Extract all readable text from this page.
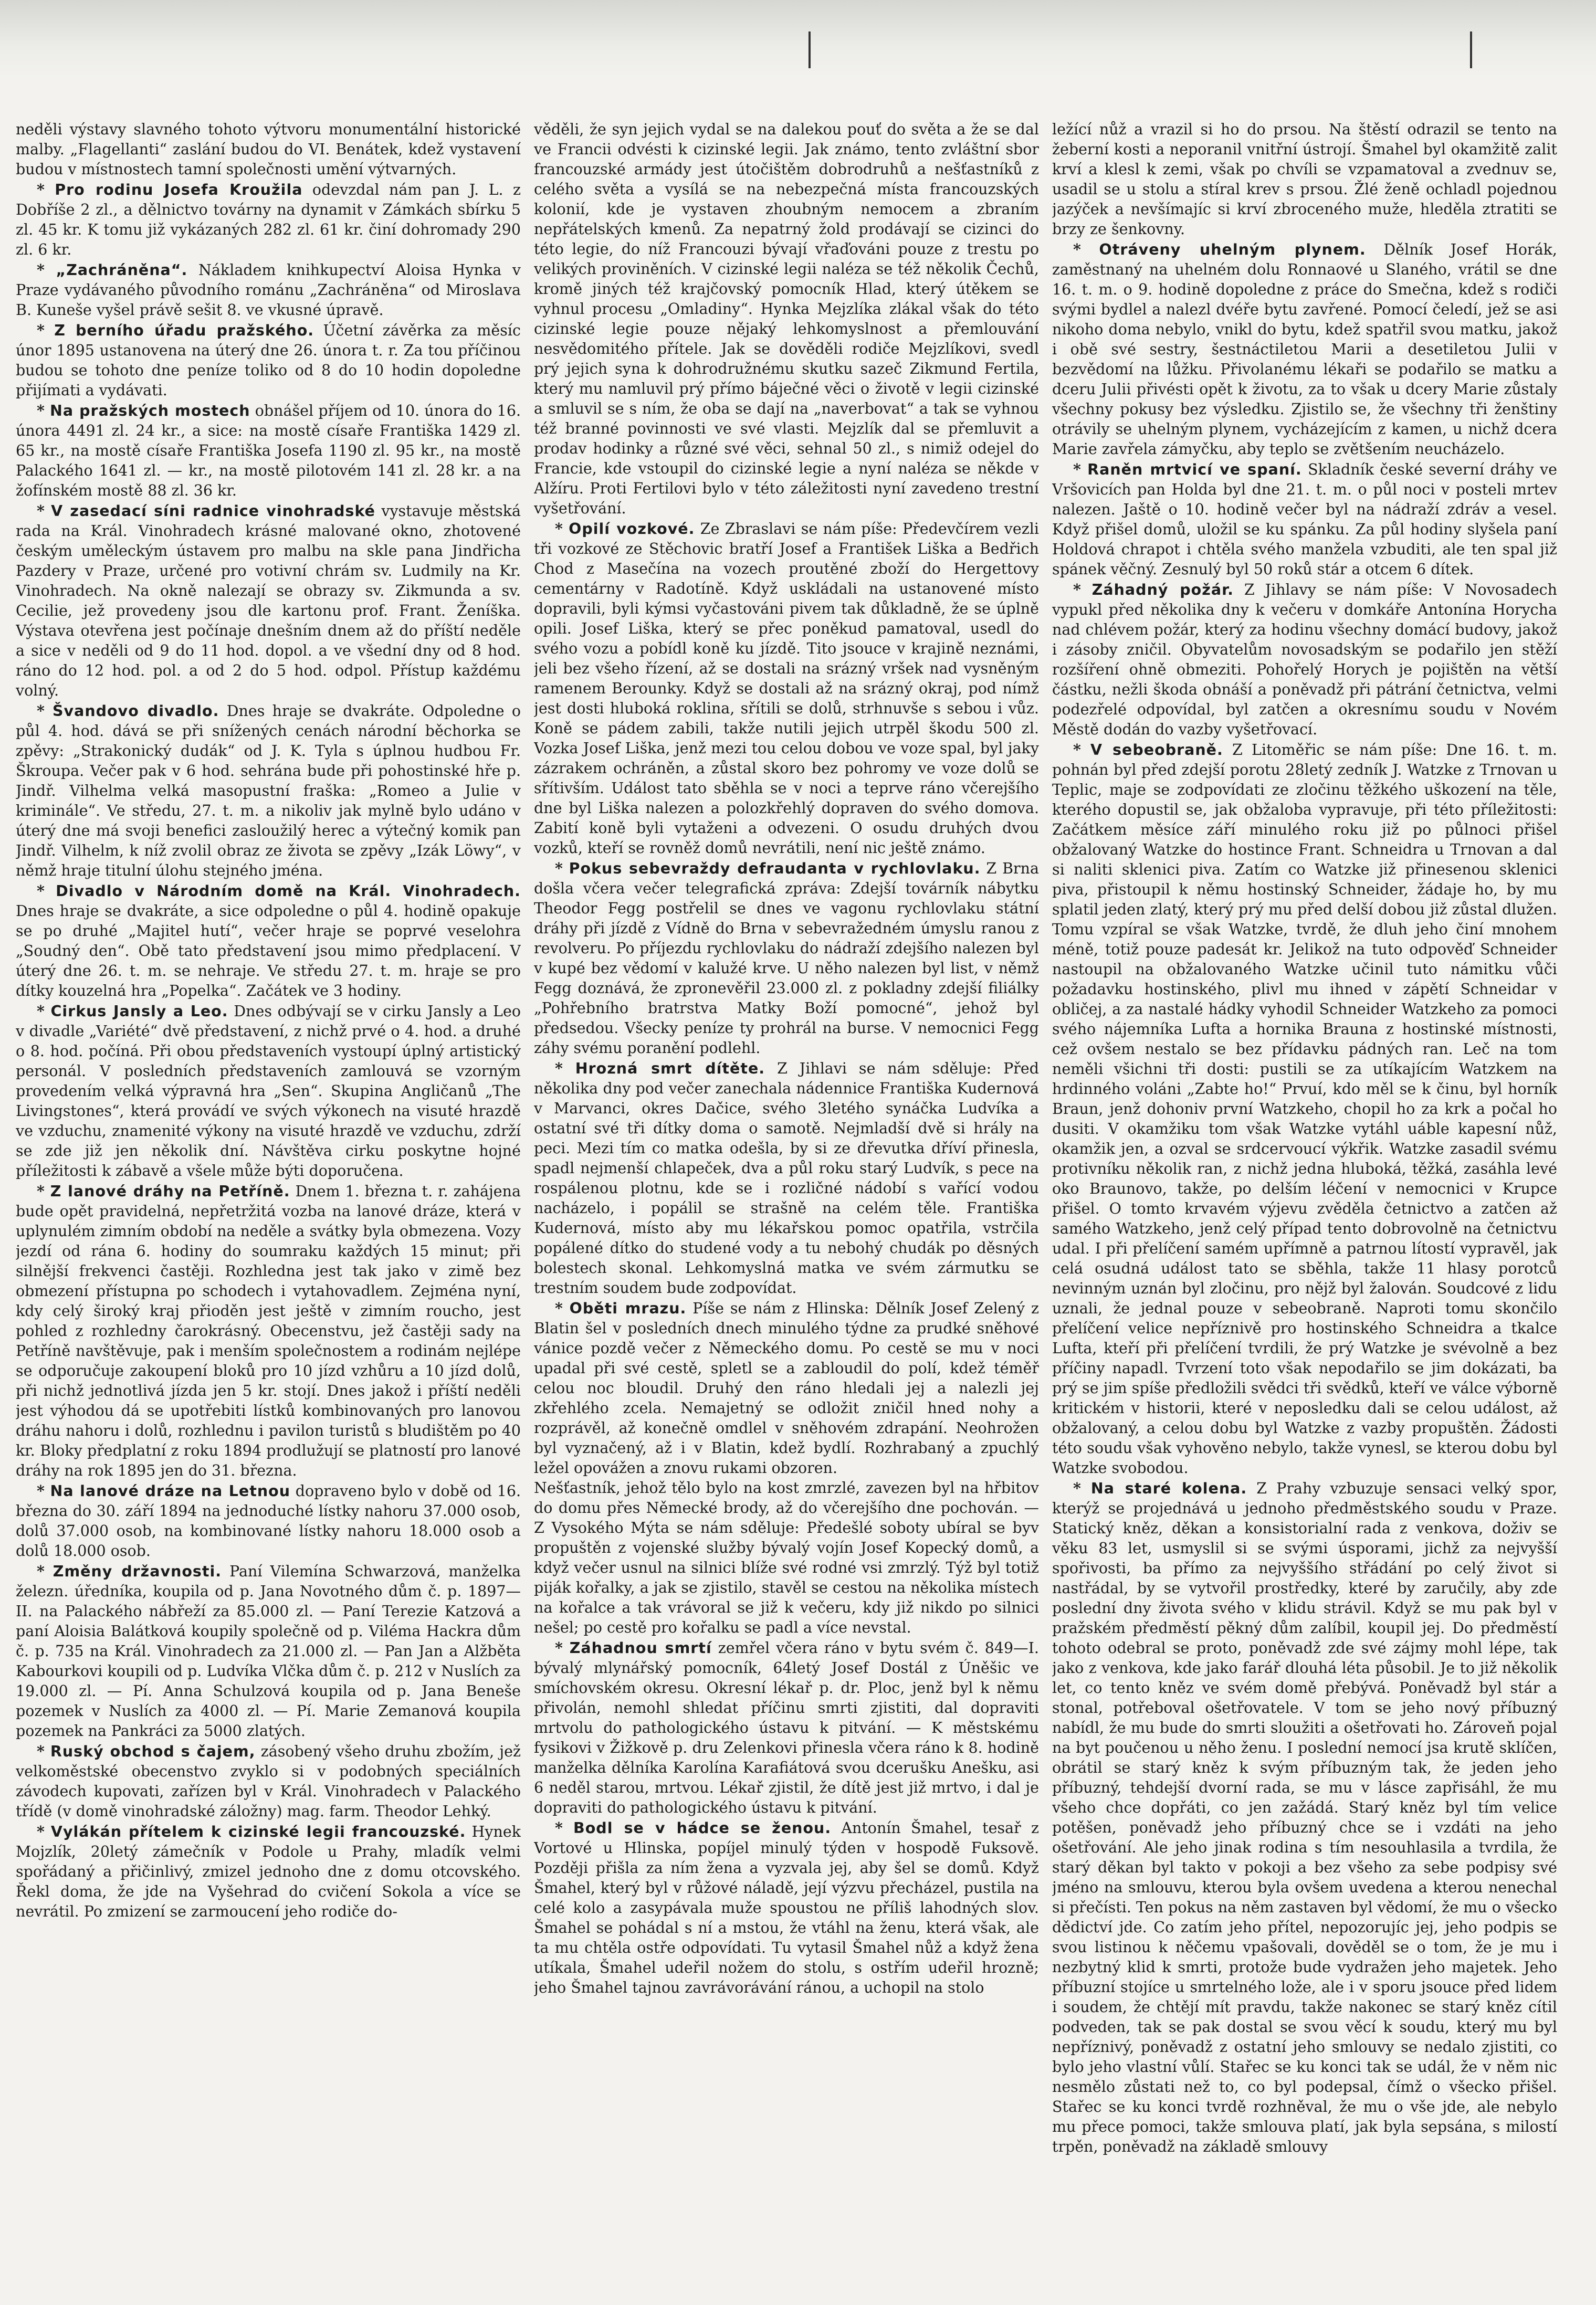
neděli výstavy slavného tohoto výtvoru monumentální historické malby. „Flagellanti“ zaslání budou do VI. Benátek, kdež vystavení budou v místnostech tamní společnosti umění výtvarných.

* Pro rodinu Josefa Kroužila odevzdal nám pan J. L. z Dobříše 2 zl., a dělnictvo továrny na dynamit v Zámkách sbírku 5 zl. 45 kr. K tomu již vykázaných 282 zl. 61 kr. činí dohromady 290 zl. 6 kr.

* „Zachráněna“. Nákladem knihkupectví Aloisa Hynka v Praze vydávaného původního románu „Zachráněna“ od Miroslava B. Kuneše vyšel právě sešit 8. ve vkusné úpravě.

* Z berního úřadu pražského. Účetní závěrka za měsíc únor 1895 ustanovena na úterý dne 26. února t. r. Za tou příčinou budou se tohoto dne peníze toliko od 8 do 10 hodin dopoledne přijímati a vydávati.

* Na pražských mostech obnášel příjem od 10. února do 16. února 4491 zl. 24 kr., a sice: na mostě císaře Františka 1429 zl. 65 kr., na mostě císaře Františka Josefa 1190 zl. 95 kr., na mostě Palackého 1641 zl. — kr., na mostě pilotovém 141 zl. 28 kr. a na žofínském mostě 88 zl. 36 kr.

* V zasedací síni radnice vinohradské vystavuje městská rada na Král. Vinohradech krásné malované okno, zhotovené českým uměleckým ústavem pro malbu na skle pana Jindřicha Pazdery v Praze, určené pro votivní chrám sv. Ludmily na Kr. Vinohradech. Na okně nalezají se obrazy sv. Zikmunda a sv. Cecilie, jež provedeny jsou dle kartonu prof. Frant. Ženíška. Výstava otevřena jest počínaje dnešním dnem až do příští neděle a sice v neděli od 9 do 11 hod. dopol. a ve všední dny od 8 hod. ráno do 12 hod. pol. a od 2 do 5 hod. odpol. Přístup každému volný.

* Švandovo divadlo. Dnes hraje se dvakráte. Odpoledne o půl 4. hod. dává se při snížených cenách národní běchorka se zpěvy: „Strakonický dudák“ od J. K. Tyla s úplnou hudbou Fr. Škroupa. Večer pak v 6 hod. sehrána bude při pohostinské hře p. Jindř. Vilhelma velká masopustní fraška: „Romeo a Julie v kriminále“. Ve středu, 27. t. m. a nikoliv jak mylně bylo udáno v úterý dne má svoji benefici zasloužilý herec a výtečný komik pan Jindř. Vilhelm, k níž zvolil obraz ze života se zpěvy „Izák Löwy“, v němž hraje titulní úlohu stejného jména.

* Divadlo v Národním domě na Král. Vinohradech. Dnes hraje se dvakráte, a sice odpoledne o půl 4. hodině opakuje se po druhé „Majitel hutí“, večer hraje se poprvé veselohra „Soudný den“. Obě tato představení jsou mimo předplacení. V úterý dne 26. t. m. se nehraje. Ve středu 27. t. m. hraje se pro dítky kouzelná hra „Popelka“. Začátek ve 3 hodiny.

* Cirkus Jansly a Leo. Dnes odbývají se v cirku Jansly a Leo v divadle „Variété“ dvě představení, z nichž prvé o 4. hod. a druhé o 8. hod. počíná. Při obou představeních vystoupí úplný artistický personál. V posledních představeních zamlouvá se vzorným provedením velká výpravná hra „Sen“. Skupina Angličanů „The Livingstones“, která provádí ve svých výkonech na visuté hrazdě ve vzduchu, znamenité výkony na visuté hrazdě ve vzduchu, zdrží se zde již jen několik dní. Návštěva cirku poskytne hojné příležitosti k zábavě a všele může býti doporučena.

* Z lanové dráhy na Petříně. Dnem 1. března t. r. zahájena bude opět pravidelná, nepřetržitá vozba na lanové dráze, která v uplynulém zimním období na neděle a svátky byla obmezena. Vozy jezdí od rána 6. hodiny do soumraku každých 15 minut; při silnější frekvenci častěji. Rozhledna jest tak jako v zimě bez obmezení přístupna po schodech i vytahovadlem. Zejména nyní, kdy celý široký kraj přioděn jest ještě v zimním roucho, jest pohled z rozhledny čarokrásný. Obecenstvu, jež častěji sady na Petříně navštěvuje, pak i menším společnostem a rodinám nejlépe se odporučuje zakoupení bloků pro 10 jízd vzhůru a 10 jízd dolů, při nichž jednotlivá jízda jen 5 kr. stojí. Dnes jakož i příští neděli jest výhodou dá se upotřebiti lístků kombinovaných pro lanovou dráhu nahoru i dolů, rozhlednu i pavilon turistů s bludištěm po 40 kr. Bloky předplatní z roku 1894 prodlužují se platností pro lanové dráhy na rok 1895 jen do 31. března.

* Na lanové dráze na Letnou dopraveno bylo v době od 16. března do 30. září 1894 na jednoduché lístky nahoru 37.000 osob, dolů 37.000 osob, na kombinované lístky nahoru 18.000 osob a dolů 18.000 osob.

* Změny državnosti. Paní Vilemína Schwarzová, manželka železn. úředníka, koupila od p. Jana Novotného dům č. p. 1897—II. na Palackého nábřeží za 85.000 zl. — Paní Terezie Katzová a paní Aloisia Balátková koupily společně od p. Viléma Hackra dům č. p. 735 na Král. Vinohradech za 21.000 zl. — Pan Jan a Alžběta Kabourkovi koupili od p. Ludvíka Vlčka dům č. p. 212 v Nuslích za 19.000 zl. — Pí. Anna Schulzová koupila od p. Jana Beneše pozemek v Nuslích za 4000 zl. — Pí. Marie Zemanová koupila pozemek na Pankráci za 5000 zlatých.

* Ruský obchod s čajem, zásobený všeho druhu zbožím, jež velkoměstské obecenstvo zvyklo si v podobných speciálních závodech kupovati, zařízen byl v Král. Vinohradech v Palackého třídě (v domě vinohradské záložny) mag. farm. Theodor Lehký.

* Vylákán přítelem k cizinské legii francouzské. Hynek Mojzlík, 20letý zámečník v Podole u Prahy, mladík velmi spořádaný a přičinlivý, zmizel jednoho dne z domu otcovského. Řekl doma, že jde na Vyšehrad do cvičení Sokola a více se nevrátil. Po zmizení se zarmoucení jeho rodiče do-

věděli, že syn jejich vydal se na dalekou pouť do světa a že se dal ve Francii odvésti k cizinské legii. Jak známo, tento zvláštní sbor francouzské armády jest útočištěm dobrodruhů a nešťastníků z celého světa a vysílá se na nebezpečná místa francouzských kolonií, kde je vystaven zhoubným nemocem a zbraním nepřátelských kmenů. Za nepatrný žold prodávají se cizinci do této legie, do níž Francouzi bývají vřaďováni pouze z trestu po velikých proviněních. V cizinské legii naléza se též několik Čechů, kromě jiných též krajčovský pomocník Hlad, který útěkem se vyhnul procesu „Omladiny“. Hynka Mejzlíka zlákal však do této cizinské legie pouze nějaký lehkomyslnost a přemlouvání nesvědomitého přítele. Jak se dověděli rodiče Mejzlíkovi, svedl prý jejich syna k dohrodružnému skutku sazeč Zikmund Fertila, který mu namluvil prý přímo báječné věci o životě v legii cizinské a smluvil se s ním, že oba se dají na „naverbovat“ a tak se vyhnou též branné povinnosti ve své vlasti. Mejzlík dal se přemluvit a prodav hodinky a různé své věci, sehnal 50 zl., s nimiž odejel do Francie, kde vstoupil do cizinské legie a nyní naléza se někde v Alžíru. Proti Fertilovi bylo v této záležitosti nyní zavedeno trestní vyšetřování.

* Opilí vozkové. Ze Zbraslavi se nám píše: Předevčírem vezli tři vozkové ze Stěchovic bratří Josef a František Liška a Bedřich Chod z Masečína na vozech proutěné zboží do Hergettovy cementárny v Radotíně. Když uskládali na ustanovené místo dopravili, byli kýmsi vyčastováni pivem tak důkladně, že se úplně opili. Josef Liška, který se přec poněkud pamatoval, usedl do svého vozu a pobídl koně ku jízdě. Tito jsouce v krajině neznámi, jeli bez všeho řízení, až se dostali na srázný vršek nad vysněným ramenem Berounky. Když se dostali až na srázný okraj, pod nímž jest dosti hluboká roklina, sřítili se dolů, strhnuvše s sebou i vůz. Koně se pádem zabili, takže nutili jejich utrpěl škodu 500 zl. Vozka Josef Liška, jenž mezi tou celou dobou ve voze spal, byl jaky zázrakem ochráněn, a zůstal skoro bez pohromy ve voze dolů se sřítivším. Událost tato sběhla se v noci a teprve ráno včerejšího dne byl Liška nalezen a polozkřehlý dopraven do svého domova. Zabití koně byli vytaženi a odvezeni. O osudu druhých dvou vozků, kteří se rovněž domů nevrátili, není nic ještě známo.

* Pokus sebevraždy defraudanta v rychlovlaku. Z Brna došla včera večer telegrafická zpráva: Zdejší továrník nábytku Theodor Fegg postřelil se dnes ve vagonu rychlovlaku státní dráhy při jízdě z Vídně do Brna v sebevražedném úmyslu ranou z revolveru. Po příjezdu rychlovlaku do nádraží zdejšího nalezen byl v kupé bez vědomí v kalužé krve. U něho nalezen byl list, v němž Fegg doznává, že zpronevěřil 23.000 zl. z pokladny zdejší filiálky „Pohřebního bratrstva Matky Boží pomocné“, jehož byl předsedou. Všecky peníze ty prohrál na burse. V nemocnici Fegg záhy svému poranění podlehl.

* Hrozná smrt dítěte. Z Jihlavi se nám sděluje: Před několika dny pod večer zanechala nádennice Františka Kudernová v Marvanci, okres Dačice, svého 3letého synáčka Ludvíka a ostatní své tři dítky doma o samotě. Nejmladší dvě si hrály na peci. Mezi tím co matka odešla, by si ze dřevutka dříví přinesla, spadl nejmenší chlapeček, dva a půl roku starý Ludvík, s pece na rospálenou plotnu, kde se i rozličné nádobí s vařící vodou nacházelo, i popálil se strašně na celém těle. Františka Kudernová, místo aby mu lékařskou pomoc opatřila, vstrčila popálené dítko do studené vody a tu nebohý chudák po děsných bolestech skonal. Lehkomyslná matka ve svém zármutku se trestním soudem bude zodpovídat.

* Oběti mrazu. Píše se nám z Hlinska: Dělník Josef Zelený z Blatin šel v posledních dnech minulého týdne za prudké sněhové vánice pozdě večer z Německého domu. Po cestě se mu v noci upadal při své cestě, spletl se a zabloudil do polí, kdež téměř celou noc bloudil. Druhý den ráno hledali jej a nalezli jej zkřehlého zcela. Nemajetný se odložit zničil hned nohy a rozprávěl, až konečně omdlel v sněhovém zdrapání. Neohrožen byl vyznačený, až i v Blatin, kdež bydlí. Rozhrabaný a zpuchlý ležel opovážen a znovu rukami obzoren.

Nešťastník, jehož tělo bylo na kost zmrzlé, zavezen byl na hřbitov do domu přes Německé brody, až do včerejšího dne pochován. — Z Vysokého Mýta se nám sděluje: Předešlé soboty ubíral se byv propuštěn z vojenské služby bývalý vojín Josef Kopecký domů, a když večer usnul na silnici blíže své rodné vsi zmrzlý. Týž byl totiž piják kořalky, a jak se zjistilo, stavěl se cestou na několika místech na kořalce a tak vrávoral se již k večeru, kdy již nikdo po silnici nešel; po cestě pro kořalku se padl a více nevstal.

* Záhadnou smrtí zemřel včera ráno v bytu svém č. 849—I. bývalý mlynářský pomocník, 64letý Josef Dostál z Úněšic ve smíchovském okresu. Okresní lékař p. dr. Ploc, jenž byl k němu přivolán, nemohl shledat příčinu smrti zjistiti, dal dopraviti mrtvolu do pathologického ústavu k pitvání. — K městskému fysikovi v Žižkově p. dru Zelenkovi přinesla včera ráno k 8. hodině manželka dělníka Karolína Karafiátová svou dcerušku Anešku, asi 6 neděl starou, mrtvou. Lékař zjistil, že dítě jest již mrtvo, i dal je dopraviti do pathologického ústavu k pitvání.

* Bodl se v hádce se ženou. Antonín Šmahel, tesař z Vortové u Hlinska, popíjel minulý týden v hospodě Fuksově. Později přišla za ním žena a vyzvala jej, aby šel se domů. Když Šmahel, který byl v růžové náladě, její výzvu přecházel, pustila na celé kolo a zasypávala muže spoustou ne příliš lahodných slov. Šmahel se pohádal s ní a mstou, že vtáhl na ženu, která však, ale ta mu chtěla ostře odpovídati. Tu vytasil Šmahel nůž a když žena utíkala, Šmahel udeřil nožem do stolu, s ostřím udeřil hrozně; jeho Šmahel tajnou zavrávorávání ránou, a uchopil na stolo

ležící nůž a vrazil si ho do prsou. Na štěstí odrazil se tento na žeberní kosti a neporanil vnitřní ústrojí. Šmahel byl okamžitě zalit krví a klesl k zemi, však po chvíli se vzpamatoval a zvednuv se, usadil se u stolu a stíral krev s prsou. Žlé ženě ochladl pojednou jazýček a nevšímajíc si krví zbroceného muže, hleděla ztratiti se brzy ze šenkovny.

* Otráveny uhelným plynem. Dělník Josef Horák, zaměstnaný na uhelném dolu Ronnaové u Slaného, vrátil se dne 16. t. m. o 9. hodině dopoledne z práce do Smečna, kdež s rodiči svými bydlel a nalezl dvéře bytu zavřené. Pomocí čeledí, jež se asi nikoho doma nebylo, vnikl do bytu, kdež spatřil svou matku, jakož i obě své sestry, šestnáctiletou Marii a desetiletou Julii v bezvědomí na lůžku. Přivolanému lékaři se podařilo se matku a dceru Julii přivésti opět k životu, za to však u dcery Marie zůstaly všechny pokusy bez výsledku. Zjistilo se, že všechny tři ženštiny otrávily se uhelným plynem, vycházejícím z kamen, u nichž dcera Marie zavřela zámyčku, aby teplo se zvětšením neucházelo.

* Raněn mrtvicí ve spaní. Skladník české severní dráhy ve Vršovicích pan Holda byl dne 21. t. m. o půl noci v posteli mrtev nalezen. Jaště o 10. hodině večer byl na nádraží zdráv a vesel. Když přišel domů, uložil se ku spánku. Za půl hodiny slyšela paní Holdová chrapot i chtěla svého manžela vzbuditi, ale ten spal již spánek věčný. Zesnulý byl 50 roků stár a otcem 6 dítek.

* Záhadný požár. Z Jihlavy se nám píše: V Novosadech vypukl před několika dny k večeru v domkáře Antonína Horycha nad chlévem požár, který za hodinu všechny domácí budovy, jakož i zásoby zničil. Obyvatelům novosadským se podařilo jen stěží rozšíření ohně obmeziti. Pohořelý Horych je pojištěn na větší částku, nežli škoda obnáší a poněvadž při pátrání četnictva, velmi podezřelé odpovídal, byl zatčen a okresnímu soudu v Novém Městě dodán do vazby vyšetřovací.

* V sebeobraně. Z Litoměřic se nám píše: Dne 16. t. m. pohnán byl před zdejší porotu 28letý zedník J. Watzke z Trnovan u Teplic, maje se zodpovídati ze zločinu těžkého uškození na těle, kterého dopustil se, jak obžaloba vypravuje, při této příležitosti: Začátkem měsíce září minulého roku již po půlnoci přišel obžalovaný Watzke do hostince Frant. Schneidra u Trnovan a dal si naliti sklenici piva. Zatím co Watzke již přinesenou sklenici piva, přistoupil k němu hostinský Schneider, žádaje ho, by mu splatil jeden zlatý, který prý mu před delší dobou již zůstal dlužen. Tomu vzpíral se však Watzke, tvrdě, že dluh jeho činí mnohem méně, totiž pouze padesát kr. Jelikož na tuto odpověď Schneider nastoupil na obžalovaného Watzke učinil tuto námitku vůči požadavku hostinského, plivl mu ihned v zápětí Schneidar v obličej, a za nastalé hádky vyhodil Schneider Watzkeho za pomoci svého nájemníka Lufta a hornika Brauna z hostinské místnosti, cež ovšem nestalo se bez přídavku pádných ran. Leč na tom neměli všichni tři dosti: pustili se za utíkajícím Watzkem na hrdinného voláni „Zabte ho!“ Prvuí, kdo měl se k činu, byl horník Braun, jenž dohoniv první Watzkeho, chopil ho za krk a počal ho dusiti. V okamžiku tom však Watzke vytáhl uáble kapesní nůž, okamžik jen, a ozval se srdcervoucí výkřik. Watzke zasadil svému protivníku několik ran, z nichž jedna hluboká, těžká, zasáhla levé oko Braunovo, takže, po delším léčení v nemocnici v Krupce přišel. O tomto krvavém výjevu zvěděla četnictvo a zatčen až samého Watzkeho, jenž celý případ tento dobrovolně na četnictvu udal. I při přelíčení samém upřímně a patrnou lítostí vypravěl, jak celá osudná událost tato se sběhla, takže 11 hlasy porotců nevinným uznán byl zločinu, pro nějž byl žalován. Soudcové z lidu uznali, že jednal pouze v sebeobraně. Naproti tomu skončilo přelíčení velice nepříznivě pro hostinského Schneidra a tkalce Lufta, kteří při přelíčení tvrdili, že prý Watzke je svévolně a bez příčiny napadl. Tvrzení toto však nepodařilo se jim dokázati, ba prý se jim spíše předložili svědci tři svědků, kteří ve válce výborně kritickém v historii, které v neposledku dali se celou událost, až obžalovaný, a celou dobu byl Watzke z vazby propuštěn. Žádosti této soudu však vyhověno nebylo, takže vynesl, se kterou dobu byl Watzke svobodou.

* Na staré kolena. Z Prahy vzbuzuje sensaci velký spor, kterýž se projednává u jednoho předměstského soudu v Praze. Statický kněz, děkan a konsistorialní rada z venkova, doživ se věku 83 let, usmyslil si se svými úsporami, jichž za nejvyšší spořivosti, ba přímo za nejvyššího střádání po celý život si nastřádal, by se vytvořil prostředky, které by zaručily, aby zde poslední dny života svého v klidu strávil. Když se mu pak byl v pražském předměstí pěkný dům zalíbil, koupil jej. Do předměstí tohoto odebral se proto, poněvadž zde své zájmy mohl lépe, tak jako z venkova, kde jako farář dlouhá léta působil. Je to již několik let, co tento kněz ve svém domě přebývá. Poněvadž byl stár a stonal, potřeboval ošetřovatele. V tom se jeho nový příbuzný nabídl, že mu bude do smrti sloužiti a ošetřovati ho. Zároveň pojal na byt poučenou u něho ženu. I poslední nemocí jsa krutě sklíčen, obrátil se starý kněz k svým příbuzným tak, že jeden jeho příbuzný, tehdejší dvorní rada, se mu v lásce zapřisáhl, že mu všeho chce dopřáti, co jen zažádá. Starý kněz byl tím velice potěšen, poněvadž jeho příbuzný chce se i vzdáti na jeho ošetřování. Ale jeho jinak rodina s tím nesouhlasila a tvrdila, že starý děkan byl takto v pokoji a bez všeho za sebe podpisy své jméno na smlouvu, kterou byla ovšem uvedena a kterou nenechal si přečísti. Ten pokus na něm zastaven byl vědomí, že mu o všecko dědictví jde. Co zatím jeho přítel, nepozorujíc jej, jeho podpis se svou listinou k něčemu vpašovali, dověděl se o tom, že je mu i nezbytný klid k smrti, protože bude vydražen jeho majetek. Jeho příbuzní stojíce u smrtelného lože, ale i v sporu jsouce před lidem i soudem, že chtějí mít pravdu, takže nakonec se starý kněz cítil podveden, tak se pak dostal se svou věcí k soudu, který mu byl nepříznivý, poněvadž z ostatní jeho smlouvy se nedalo zjistiti, co bylo jeho vlastní vůlí. Stařec se ku konci tak se udál, že v něm nic nesmělo zůstati než to, co byl podepsal, čímž o všecko přišel. Stařec se ku konci tvrdě rozhněval, že mu o vše jde, ale nebylo mu přece pomoci, takže smlouva platí, jak byla sepsána, s milostí trpěn, poněvadž na základě smlouvy
